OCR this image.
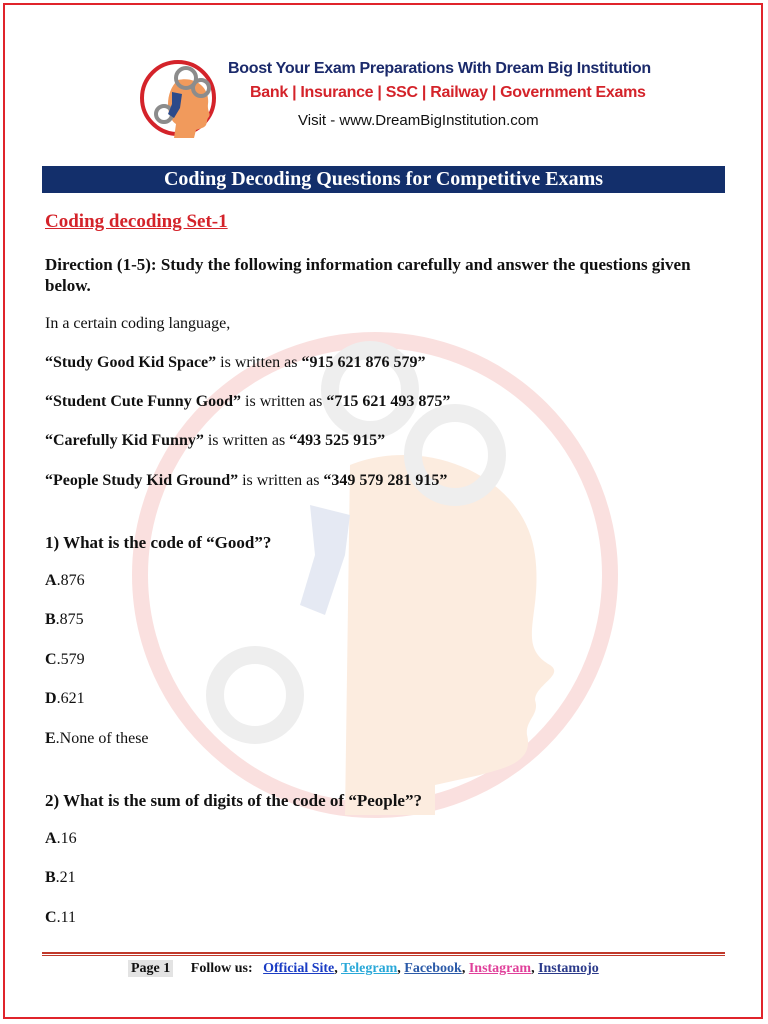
Boost Your Exam Preparations With Dream Big Institution
Bank | Insurance | SSC | Railway | Government Exams
Visit - www.DreamBigInstitution.com
Coding Decoding Questions for Competitive Exams
Coding decoding Set-1
Direction (1-5): Study the following information carefully and answer the questions given below.
In a certain coding language,
“Study Good Kid Space” is written as “915 621 876 579”
“Student Cute Funny Good” is written as “715 621 493 875”
“Carefully Kid Funny” is written as “493 525 915”
“People Study Kid Ground” is written as “349 579 281 915”
1) What is the code of “Good”?
A.876
B.875
C.579
D.621
E.None of these
2) What is the sum of digits of the code of “People”?
A.16
B.21
C.11
Page 1 Follow us: Official Site, Telegram, Facebook, Instagram, Instamojo
